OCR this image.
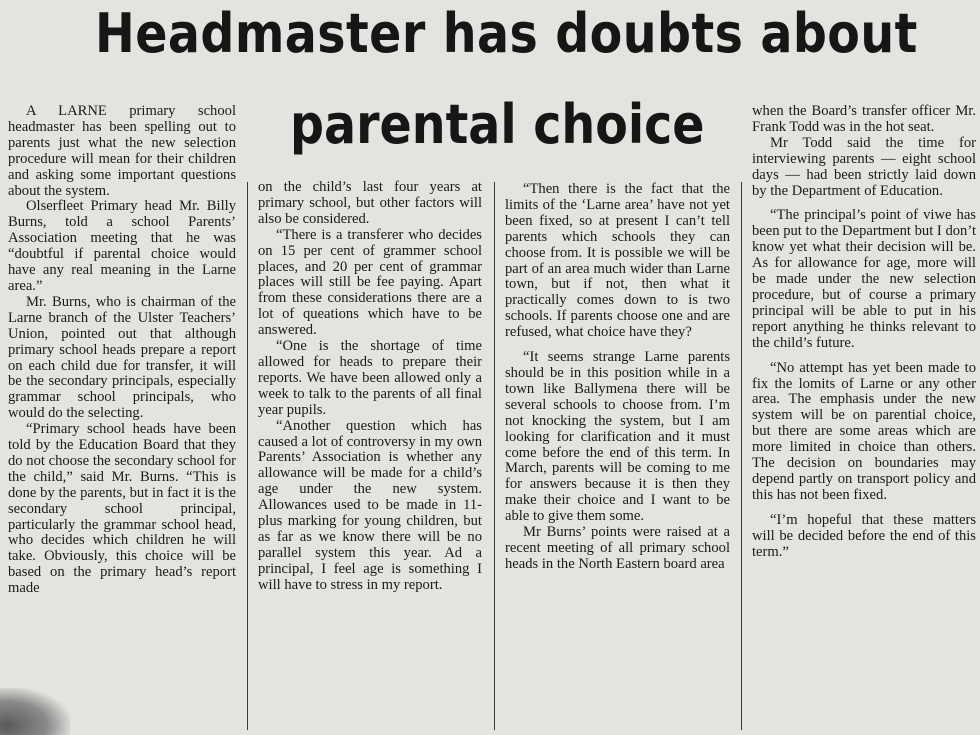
Headmaster has doubts about
parental choice

A LARNE primary school headmaster has been spelling out to parents just what the new selection procedure will mean for their children and asking some important questions about the system.

Olserfleet Primary head Mr. Billy Burns, told a school Parents’ Association meeting that he was “doubtful if parental choice would have any real meaning in the Larne area.”

Mr. Burns, who is chairman of the Larne branch of the Ulster Teachers’ Union, pointed out that although primary school heads prepare a report on each child due for transfer, it will be the secondary principals, especially grammar school principals, who would do the selecting.

“Primary school heads have been told by the Education Board that they do not choose the secondary school for the child,” said Mr. Burns. “This is done by the parents, but in fact it is the secondary school principal, particularly the grammar school head, who decides which children he will take. Obviously, this choice will be based on the primary head’s report made

on the child’s last four years at primary school, but other factors will also be considered.

“There is a transferer who decides on 15 per cent of grammer school places, and 20 per cent of grammar places will still be fee paying. Apart from these considerations there are a lot of queations which have to be answered.

“One is the shortage of time allowed for heads to prepare their reports. We have been allowed only a week to talk to the parents of all final year pupils.

“Another question which has caused a lot of controversy in my own Parents’ Association is whether any allowance will be made for a child’s age under the new system. Allowances used to be made in 11-plus marking for young children, but as far as we know there will be no parallel system this year. Ad a principal, I feel age is something I will have to stress in my report.

“Then there is the fact that the limits of the ‘Larne area’ have not yet been fixed, so at present I can’t tell parents which schools they can choose from. It is possible we will be part of an area much wider than Larne town, but if not, then what it practically comes down to is two schools. If parents choose one and are refused, what choice have they?

“It seems strange Larne parents should be in this position while in a town like Ballymena there will be several schools to choose from. I’m not knocking the system, but I am looking for clarification and it must come before the end of this term. In March, parents will be coming to me for answers because it is then they make their choice and I want to be able to give them some.

Mr Burns’ points were raised at a recent meeting of all primary school heads in the North Eastern board area

when the Board’s transfer officer Mr. Frank Todd was in the hot seat.

Mr Todd said the time for interviewing parents — eight school days — had been strictly laid down by the Department of Education.

“The principal’s point of viwe has been put to the Department but I don’t know yet what their decision will be. As for allowance for age, more will be made under the new selection procedure, but of course a primary principal will be able to put in his report anything he thinks relevant to the child’s future.

“No attempt has yet been made to fix the lomits of Larne or any other area. The emphasis under the new system will be on parential choice, but there are some areas which are more limited in choice than others. The decision on boundaries may depend partly on transport policy and this has not been fixed.

“I’m hopeful that these matters will be decided before the end of this term.”
